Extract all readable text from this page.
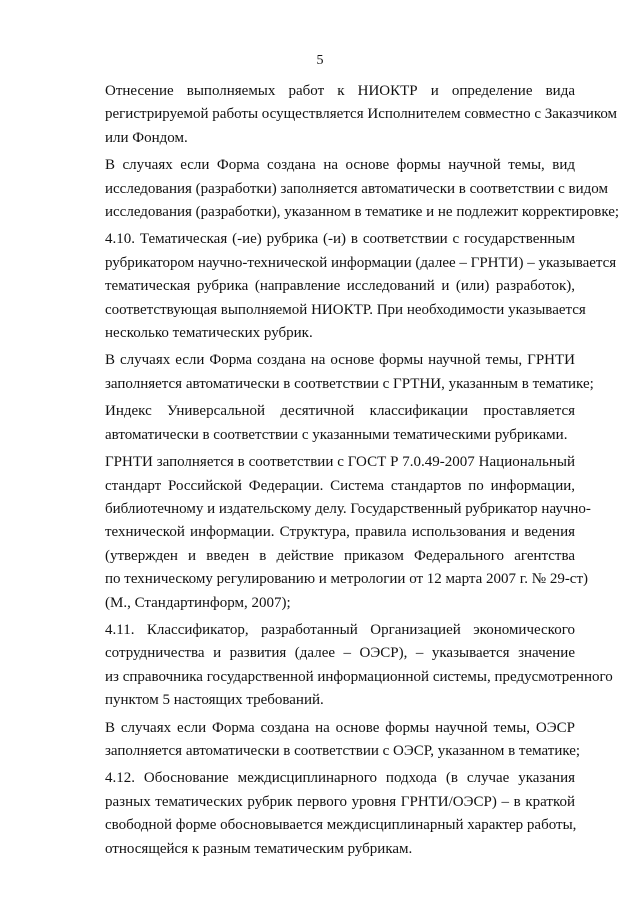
5

Отнесение выполняемых работ к НИОКТР и определение вида
регистрируемой работы осуществляется Исполнителем совместно с Заказчиком
или Фондом.

В случаях если Форма создана на основе формы научной темы, вид
исследования (разработки) заполняется автоматически в соответствии с видом
исследования (разработки), указанном в тематике и не подлежит корректировке;

4.10. Тематическая (-ие) рубрика (-и) в соответствии с государственным
рубрикатором научно-технической информации (далее – ГРНТИ) – указывается
тематическая рубрика (направление исследований и (или) разработок),
соответствующая выполняемой НИОКТР. При необходимости указывается
несколько тематических рубрик.

В случаях если Форма создана на основе формы научной темы, ГРНТИ
заполняется автоматически в соответствии с ГРТНИ, указанным в тематике;

Индекс Универсальной десятичной классификации проставляется
автоматически в соответствии с указанными тематическими рубриками.

ГРНТИ заполняется в соответствии с ГОСТ Р 7.0.49-2007 Национальный
стандарт Российской Федерации. Система стандартов по информации,
библиотечному и издательскому делу. Государственный рубрикатор научно-
технической информации. Структура, правила использования и ведения
(утвержден и введен в действие приказом Федерального агентства
по техническому регулированию и метрологии от 12 марта 2007 г. № 29-ст)
(М., Стандартинформ, 2007);

4.11. Классификатор, разработанный Организацией экономического
сотрудничества и развития (далее – ОЭСР), – указывается значение
из справочника государственной информационной системы, предусмотренного
пунктом 5 настоящих требований.

В случаях если Форма создана на основе формы научной темы, ОЭСР
заполняется автоматически в соответствии с ОЭСР, указанном в тематике;

4.12. Обоснование междисциплинарного подхода (в случае указания
разных тематических рубрик первого уровня ГРНТИ/ОЭСР) – в краткой
свободной форме обосновывается междисциплинарный характер работы,
относящейся к разным тематическим рубрикам.
